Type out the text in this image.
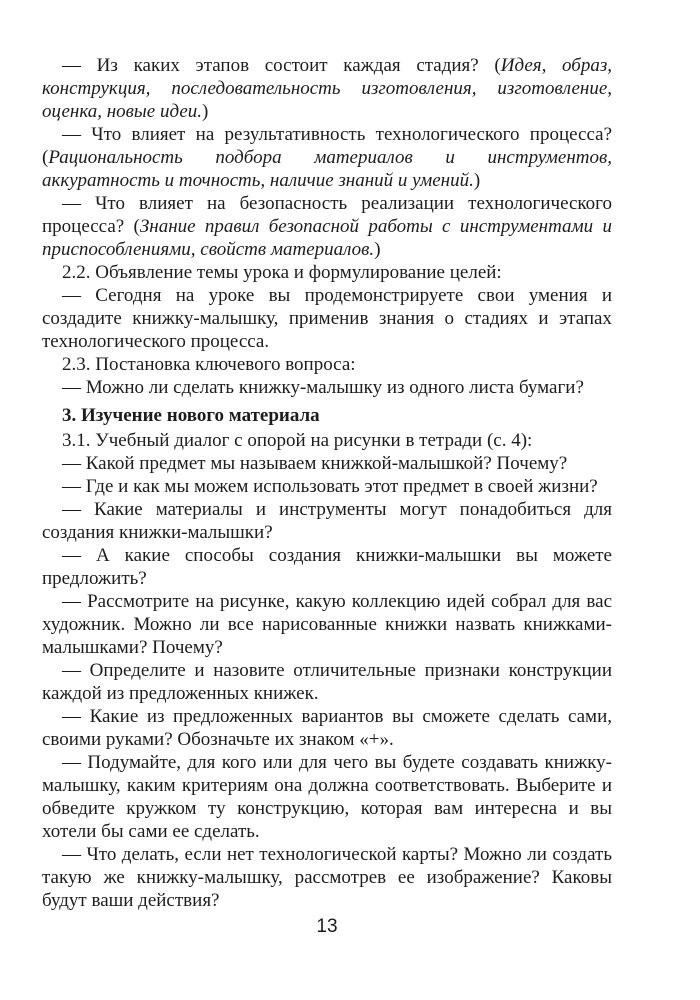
— Из каких этапов состоит каждая стадия? (Идея, образ, конструкция, последовательность изготовления, изготовление, оценка, новые идеи.)

— Что влияет на результативность технологического процесса? (Рациональность подбора материалов и инструментов, аккуратность и точность, наличие знаний и умений.)

— Что влияет на безопасность реализации технологического процесса? (Знание правил безопасной работы с инструментами и приспособлениями, свойств материалов.)

2.2. Объявление темы урока и формулирование целей:

— Сегодня на уроке вы продемонстрируете свои умения и создадите книжку-малышку, применив знания о стадиях и этапах технологического процесса.

2.3. Постановка ключевого вопроса:

— Можно ли сделать книжку-малышку из одного листа бумаги?

3. Изучение нового материала

3.1. Учебный диалог с опорой на рисунки в тетради (с. 4):

— Какой предмет мы называем книжкой-малышкой? Почему?

— Где и как мы можем использовать этот предмет в своей жизни?

— Какие материалы и инструменты могут понадобиться для создания книжки-малышки?

— А какие способы создания книжки-малышки вы можете предложить?

— Рассмотрите на рисунке, какую коллекцию идей собрал для вас художник. Можно ли все нарисованные книжки назвать книжками-малышками? Почему?

— Определите и назовите отличительные признаки конструкции каждой из предложенных книжек.

— Какие из предложенных вариантов вы сможете сделать сами, своими руками? Обозначьте их знаком «+».

— Подумайте, для кого или для чего вы будете создавать книжку-малышку, каким критериям она должна соответствовать. Выберите и обведите кружком ту конструкцию, которая вам интересна и вы хотели бы сами ее сделать.

— Что делать, если нет технологической карты? Можно ли создать такую же книжку-малышку, рассмотрев ее изображение? Каковы будут ваши действия?

13
